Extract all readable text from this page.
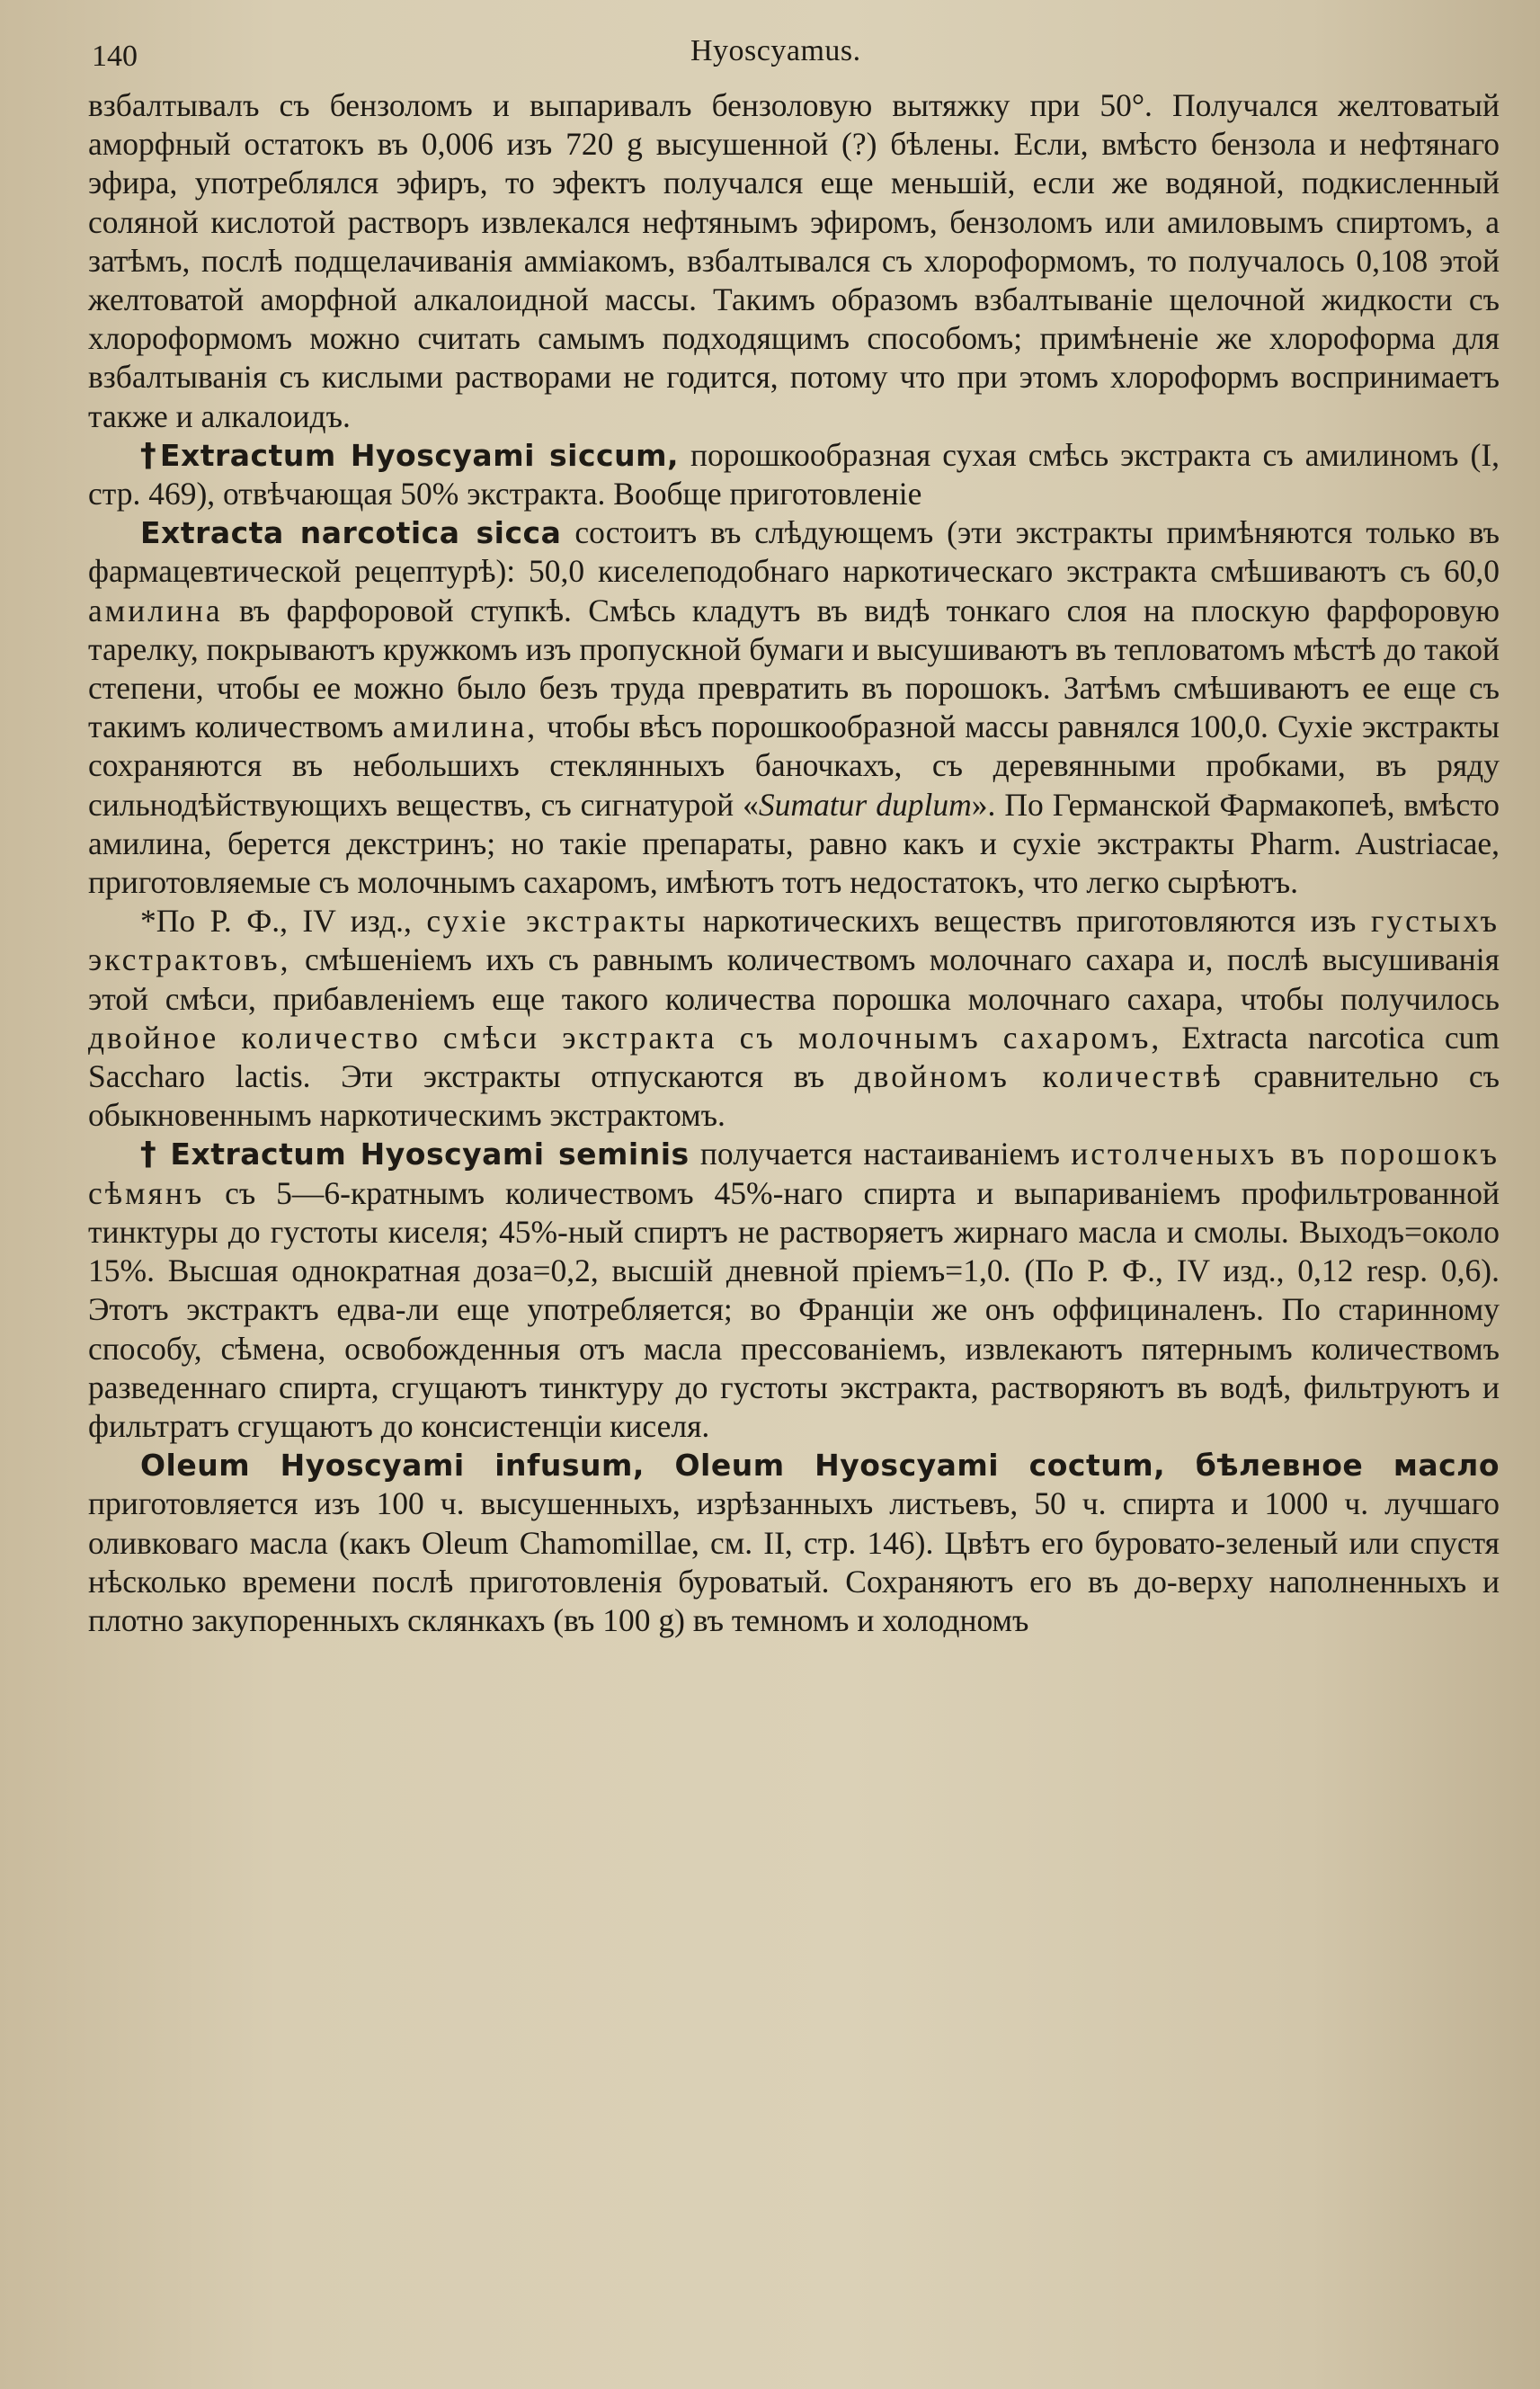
140	Hyoscyamus.

взбалтывалъ съ бензоломъ и выпаривалъ бензоловую вытяжку при 50°. Получался желтоватый аморфный остатокъ въ 0,006 изъ 720 g высушенной (?) бѣлены. Если, вмѣсто бензола и нефтянаго эфира, употреблялся эфиръ, то эфектъ получался еще меньшій, если же водяной, подкисленный соляной кислотой растворъ извлекался нефтянымъ эфиромъ, бензоломъ или амиловымъ спиртомъ, а затѣмъ, послѣ подщелачиванія амміакомъ, взбалтывался съ хлороформомъ, то получалось 0,108 этой желтоватой аморфной алкалоидной массы. Такимъ образомъ взбалтываніе щелочной жидкости съ хлороформомъ можно считать самымъ подходящимъ способомъ; примѣненіе же хлороформа для взбалтыванія съ кислыми растворами не годится, потому что при этомъ хлороформъ воспринимаетъ также и алкалоидъ.

†Extractum Hyoscyami siccum, порошкообразная сухая смѣсь экстракта съ амилиномъ (I, стр. 469), отвѣчающая 50% экстракта. Вообще приготовленіе

Extracta narcotica sicca состоитъ въ слѣдующемъ (эти экстракты примѣняются только въ фармацевтической рецептурѣ): 50,0 киселеподобнаго наркотическаго экстракта смѣшиваютъ съ 60,0 амилина въ фарфоровой ступкѣ. Смѣсь кладутъ въ видѣ тонкаго слоя на плоскую фарфоровую тарелку, покрываютъ кружкомъ изъ пропускной бумаги и высушиваютъ въ тепловатомъ мѣстѣ до такой степени, чтобы ее можно было безъ труда превратить въ порошокъ. Затѣмъ смѣшиваютъ ее еще съ такимъ количествомъ амилина, чтобы вѣсъ порошкообразной массы равнялся 100,0. Сухіе экстракты сохраняются въ небольшихъ стеклянныхъ баночкахъ, съ деревянными пробками, въ ряду сильнодѣйствующихъ веществъ, съ сигнатурой «Sumatur duplum». По Германской Фармакопеѣ, вмѣсто амилина, берется декстринъ; но такіе препараты, равно какъ и сухіе экстракты Pharm. Austriacae, приготовляемые съ молочнымъ сахаромъ, имѣютъ тотъ недостатокъ, что легко сырѣютъ.

*По Р. Ф., IV изд., сухіе экстракты наркотическихъ веществъ приготовляются изъ густыхъ экстрактовъ, смѣшеніемъ ихъ съ равнымъ количествомъ молочнаго сахара и, послѣ высушиванія этой смѣси, прибавленіемъ еще такого количества порошка молочнаго сахара, чтобы получилось двойное количество смѣси экстракта съ молочнымъ сахаромъ, Extracta narcotica cum Saccharo lactis. Эти экстракты отпускаются въ двойномъ количествѣ сравнительно съ обыкновеннымъ наркотическимъ экстрактомъ.

† Extractum Hyoscyami seminis получается настаиваніемъ истолченыхъ въ порошокъ сѣмянъ съ 5—6-кратнымъ количествомъ 45%-наго спирта и выпариваніемъ профильтрованной тинктуры до густоты киселя; 45%-ный спиртъ не растворяетъ жирнаго масла и смолы. Выходъ=около 15%. Высшая однократная доза=0,2, высшій дневной пріемъ=1,0. (По Р. Ф., IV изд., 0,12 resp. 0,6). Этотъ экстрактъ едва-ли еще употребляется; во Франціи же онъ оффициналенъ. По старинному способу, сѣмена, освобожденныя отъ масла прессованіемъ, извлекаютъ пятернымъ количествомъ разведеннаго спирта, сгущаютъ тинктуру до густоты экстракта, растворяютъ въ водѣ, фильтруютъ и фильтратъ сгущаютъ до консистенціи киселя.

Oleum Hyoscyami infusum, Oleum Hyoscyami coctum, бѣлевное масло приготовляется изъ 100 ч. высушенныхъ, изрѣзанныхъ листьевъ, 50 ч. спирта и 1000 ч. лучшаго оливковаго масла (какъ Oleum Chamomillae, см. II, стр. 146). Цвѣтъ его буровато-зеленый или спустя нѣсколько времени послѣ приготовленія буроватый. Сохраняютъ его въ до-верху наполненныхъ и плотно закупоренныхъ склянкахъ (въ 100 g) въ темномъ и холодномъ
